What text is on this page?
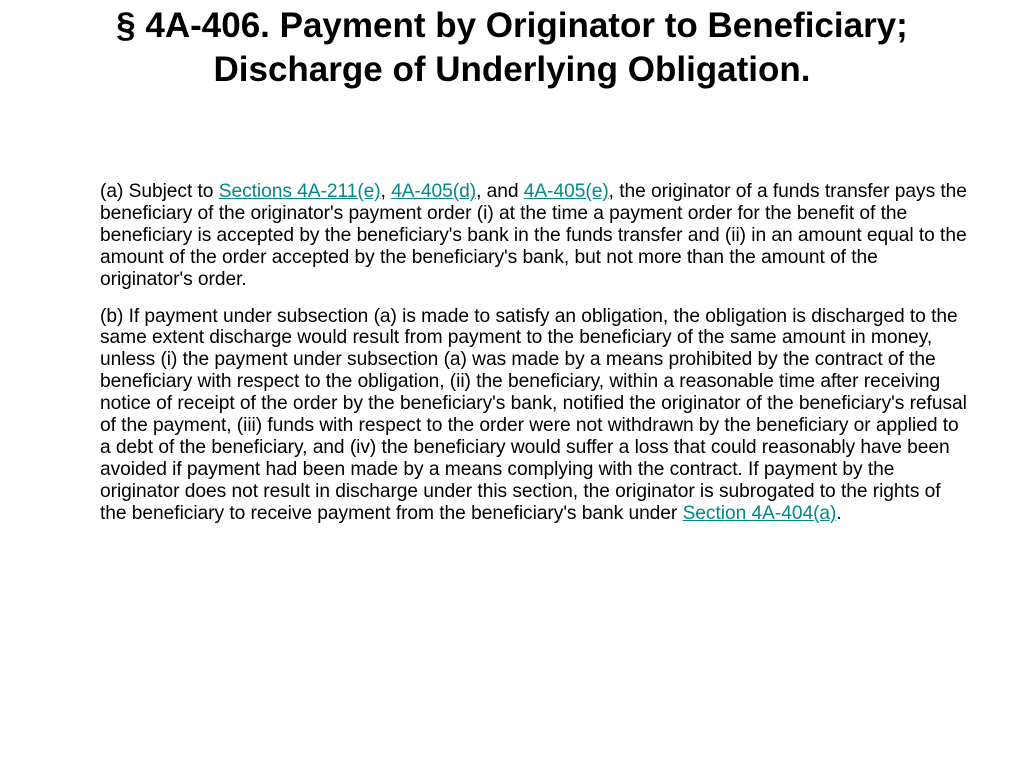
§ 4A-406. Payment by Originator to Beneficiary; Discharge of Underlying Obligation.

(a) Subject to Sections 4A-211(e), 4A-405(d), and 4A-405(e), the originator of a funds transfer pays the beneficiary of the originator's payment order (i) at the time a payment order for the benefit of the beneficiary is accepted by the beneficiary's bank in the funds transfer and (ii) in an amount equal to the amount of the order accepted by the beneficiary's bank, but not more than the amount of the originator's order.

(b) If payment under subsection (a) is made to satisfy an obligation, the obligation is discharged to the same extent discharge would result from payment to the beneficiary of the same amount in money, unless (i) the payment under subsection (a) was made by a means prohibited by the contract of the beneficiary with respect to the obligation, (ii) the beneficiary, within a reasonable time after receiving notice of receipt of the order by the beneficiary's bank, notified the originator of the beneficiary's refusal of the payment, (iii) funds with respect to the order were not withdrawn by the beneficiary or applied to a debt of the beneficiary, and (iv) the beneficiary would suffer a loss that could reasonably have been avoided if payment had been made by a means complying with the contract. If payment by the originator does not result in discharge under this section, the originator is subrogated to the rights of the beneficiary to receive payment from the beneficiary's bank under Section 4A-404(a).
